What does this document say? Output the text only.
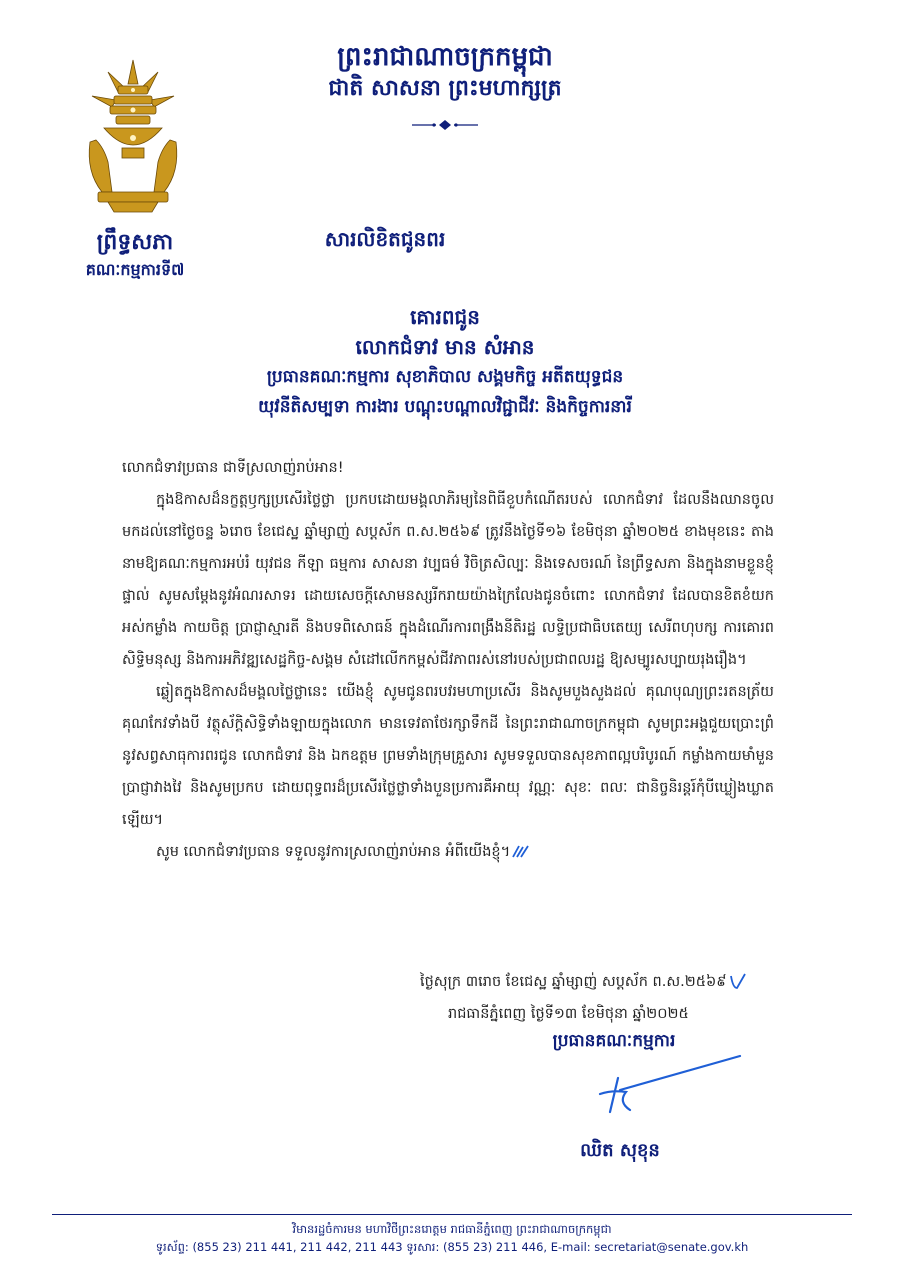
ព្រឹទ្ធសភា
គណៈកម្មការទី៧
ព្រះរាជាណាចក្រកម្ពុជា
ជាតិ សាសនា ព្រះមហាក្សត្រ
សារលិខិតជូនពរ
គោរពជូន
លោកជំទាវ មាន សំអាន
ប្រធានគណៈកម្មការ សុខាភិបាល សង្គមកិច្ច អតីតយុទ្ធជន
យុវនីតិសម្បទា ការងារ បណ្តុះបណ្តាលវិជ្ជាជីវៈ និងកិច្ចការនារី

លោកជំទាវប្រធាន ជាទីស្រលាញ់រាប់អាន!

ក្នុងឱកាសដ៏នក្ខត្តឫក្សប្រសើរថ្លៃថ្លា ប្រកបដោយមង្គលាភិរម្យនៃពិធីខួបកំណើតរបស់ លោកជំទាវ ដែលនឹងឈានចូលមកដល់នៅថ្ងៃចន្ទ ៦រោច ខែជេស្ឋ ឆ្នាំម្សាញ់ សប្តស័ក ព.ស.២៥៦៩ ត្រូវនឹងថ្ងៃទី១៦ ខែមិថុនា ឆ្នាំ២០២៥ ខាងមុខនេះ តាងនាមឱ្យគណៈកម្មការអប់រំ យុវជន កីឡា ធម្មការ សាសនា វប្បធម៌ វិចិត្រសិល្បៈ និងទេសចរណ៍ នៃព្រឹទ្ធសភា និងក្នុងនាមខ្លួនខ្ញុំផ្ទាល់ សូមសម្តែងនូវអំណរសាទរ ដោយសេចក្តីសោមនស្សរីករាយយ៉ាងក្រៃលែងជូនចំពោះ លោកជំទាវ ដែលបានខិតខំយកអស់កម្លាំង កាយចិត្ត ប្រាជ្ញាស្មារតី និងបទពិសោធន៍ ក្នុងដំណើរការពង្រឹងនីតិរដ្ឋ លទ្ធិប្រជាធិបតេយ្យ សេរីពហុបក្ស ការគោរពសិទ្ធិមនុស្ស និងការអភិវឌ្ឍសេដ្ឋកិច្ច-សង្គម សំដៅលើកកម្ពស់ជីវភាពរស់នៅរបស់ប្រជាពលរដ្ឋ ឱ្យសម្បូរសប្បាយរុងរឿង។

ឆ្លៀតក្នុងឱកាសដ៏មង្គលថ្លៃថ្លានេះ យើងខ្ញុំ សូមជូនពរបវរមហាប្រសើរ និងសូមបួងសួងដល់ គុណបុណ្យព្រះរតនត្រ័យ គុណកែវទាំងបី វត្ថុស័ក្តិសិទ្ធិទាំងឡាយក្នុងលោក មានទេវតាថែរក្សាទឹកដី នៃព្រះរាជាណាចក្រកម្ពុជា សូមព្រះអង្គជួយប្រោះព្រំនូវសព្វសាធុការពរជូន លោកជំទាវ និង ឯកឧត្តម ព្រមទាំងក្រុមគ្រួសារ សូមទទួលបានសុខភាពល្អបរិបូរណ៍ កម្លាំងកាយមាំមួន ប្រាជ្ញាវាងវៃ និងសូមប្រកប ដោយពុទ្ធពរដ៏ប្រសើរថ្លៃថ្លាទាំងបួនប្រការគឺអាយុ វណ្ណៈ សុខៈ ពលៈ ជានិច្ចនិរន្តរ៍កុំបីឃ្លៀងឃ្លាតឡើយ។

សូម លោកជំទាវប្រធាន ទទួលនូវការស្រលាញ់រាប់អាន អំពីយើងខ្ញុំ។

ថ្ងៃសុក្រ ៣រោច ខែជេស្ឋ ឆ្នាំម្សាញ់ សប្តស័ក ព.ស.២៥៦៩
រាជធានីភ្នំពេញ ថ្ងៃទី១៣ ខែមិថុនា ឆ្នាំ២០២៥
ប្រធានគណៈកម្មការ
ឈិត សុខុន
វិមានរដ្ឋចំការមន មហាវិថីព្រះនរោត្តម រាជធានីភ្នំពេញ ព្រះរាជាណាចក្រកម្ពុជា
ទូរស័ព្ទ: (855 23) 211 441, 211 442, 211 443 ទូរសារ: (855 23) 211 446, E-mail: secretariat@senate.gov.kh
